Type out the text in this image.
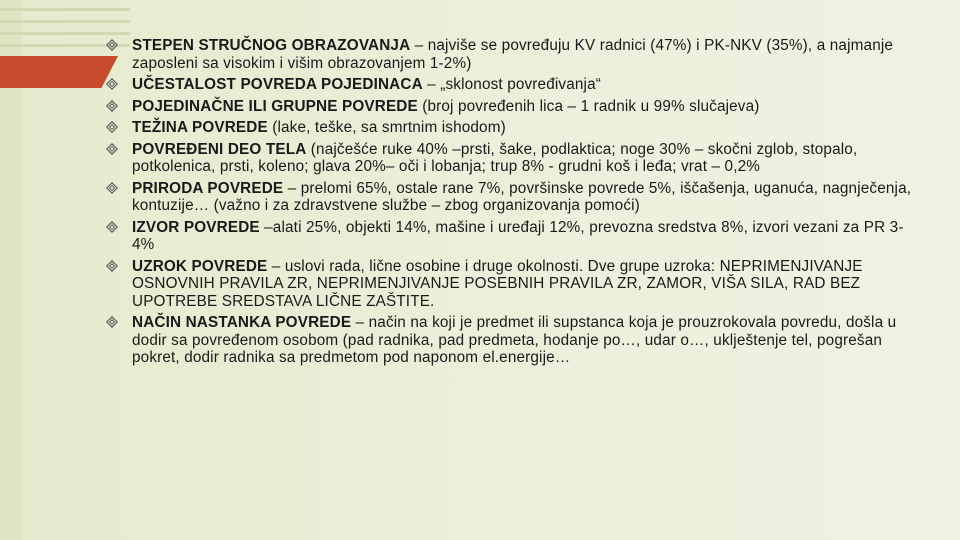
STEPEN STRUČNOG OBRAZOVANJA – najviše se povređuju KV radnici (47%) i PK-NKV (35%), a najmanje zaposleni sa visokim i višim obrazovanjem 1-2%)
UČESTALOST POVREDA POJEDINACA – „sklonost povređivanja“
POJEDINAČNE ILI GRUPNE POVREDE (broj povređenih lica – 1 radnik u 99% slučajeva)
TEŽINA POVREDE (lake, teške, sa smrtnim ishodom)
POVREĐENI DEO TELA (najčešće ruke 40% –prsti, šake, podlaktica; noge 30% – skočni zglob, stopalo, potkolenica, prsti, koleno; glava 20%– oči i lobanja; trup 8% - grudni koš i leđa; vrat – 0,2%
PRIRODA POVREDE – prelomi 65%, ostale rane 7%, površinske povrede 5%, iščašenja, uganuća, nagnječenja, kontuzije… (važno i za zdravstvene službe – zbog organizovanja pomoći)
IZVOR POVREDE –alati 25%, objekti 14%, mašine i uređaji 12%, prevozna sredstva 8%, izvori vezani za PR 3-4%
UZROK POVREDE – uslovi rada, lične osobine i druge okolnosti. Dve grupe uzroka: NEPRIMENJIVANJE OSNOVNIH PRAVILA ZR, NEPRIMENJIVANJE POSEBNIH PRAVILA ZR, ZAMOR, VIŠA SILA, RAD BEZ UPOTREBE SREDSTAVA LIČNE ZAŠTITE.
NAČIN NASTANKA POVREDE – način na koji je predmet ili supstanca koja je prouzrokovala povredu, došla u dodir sa povređenom osobom (pad radnika, pad predmeta, hodanje po…, udar o…, uklještenje tel, pogrešan pokret, dodir radnika sa predmetom pod naponom el.energije…
